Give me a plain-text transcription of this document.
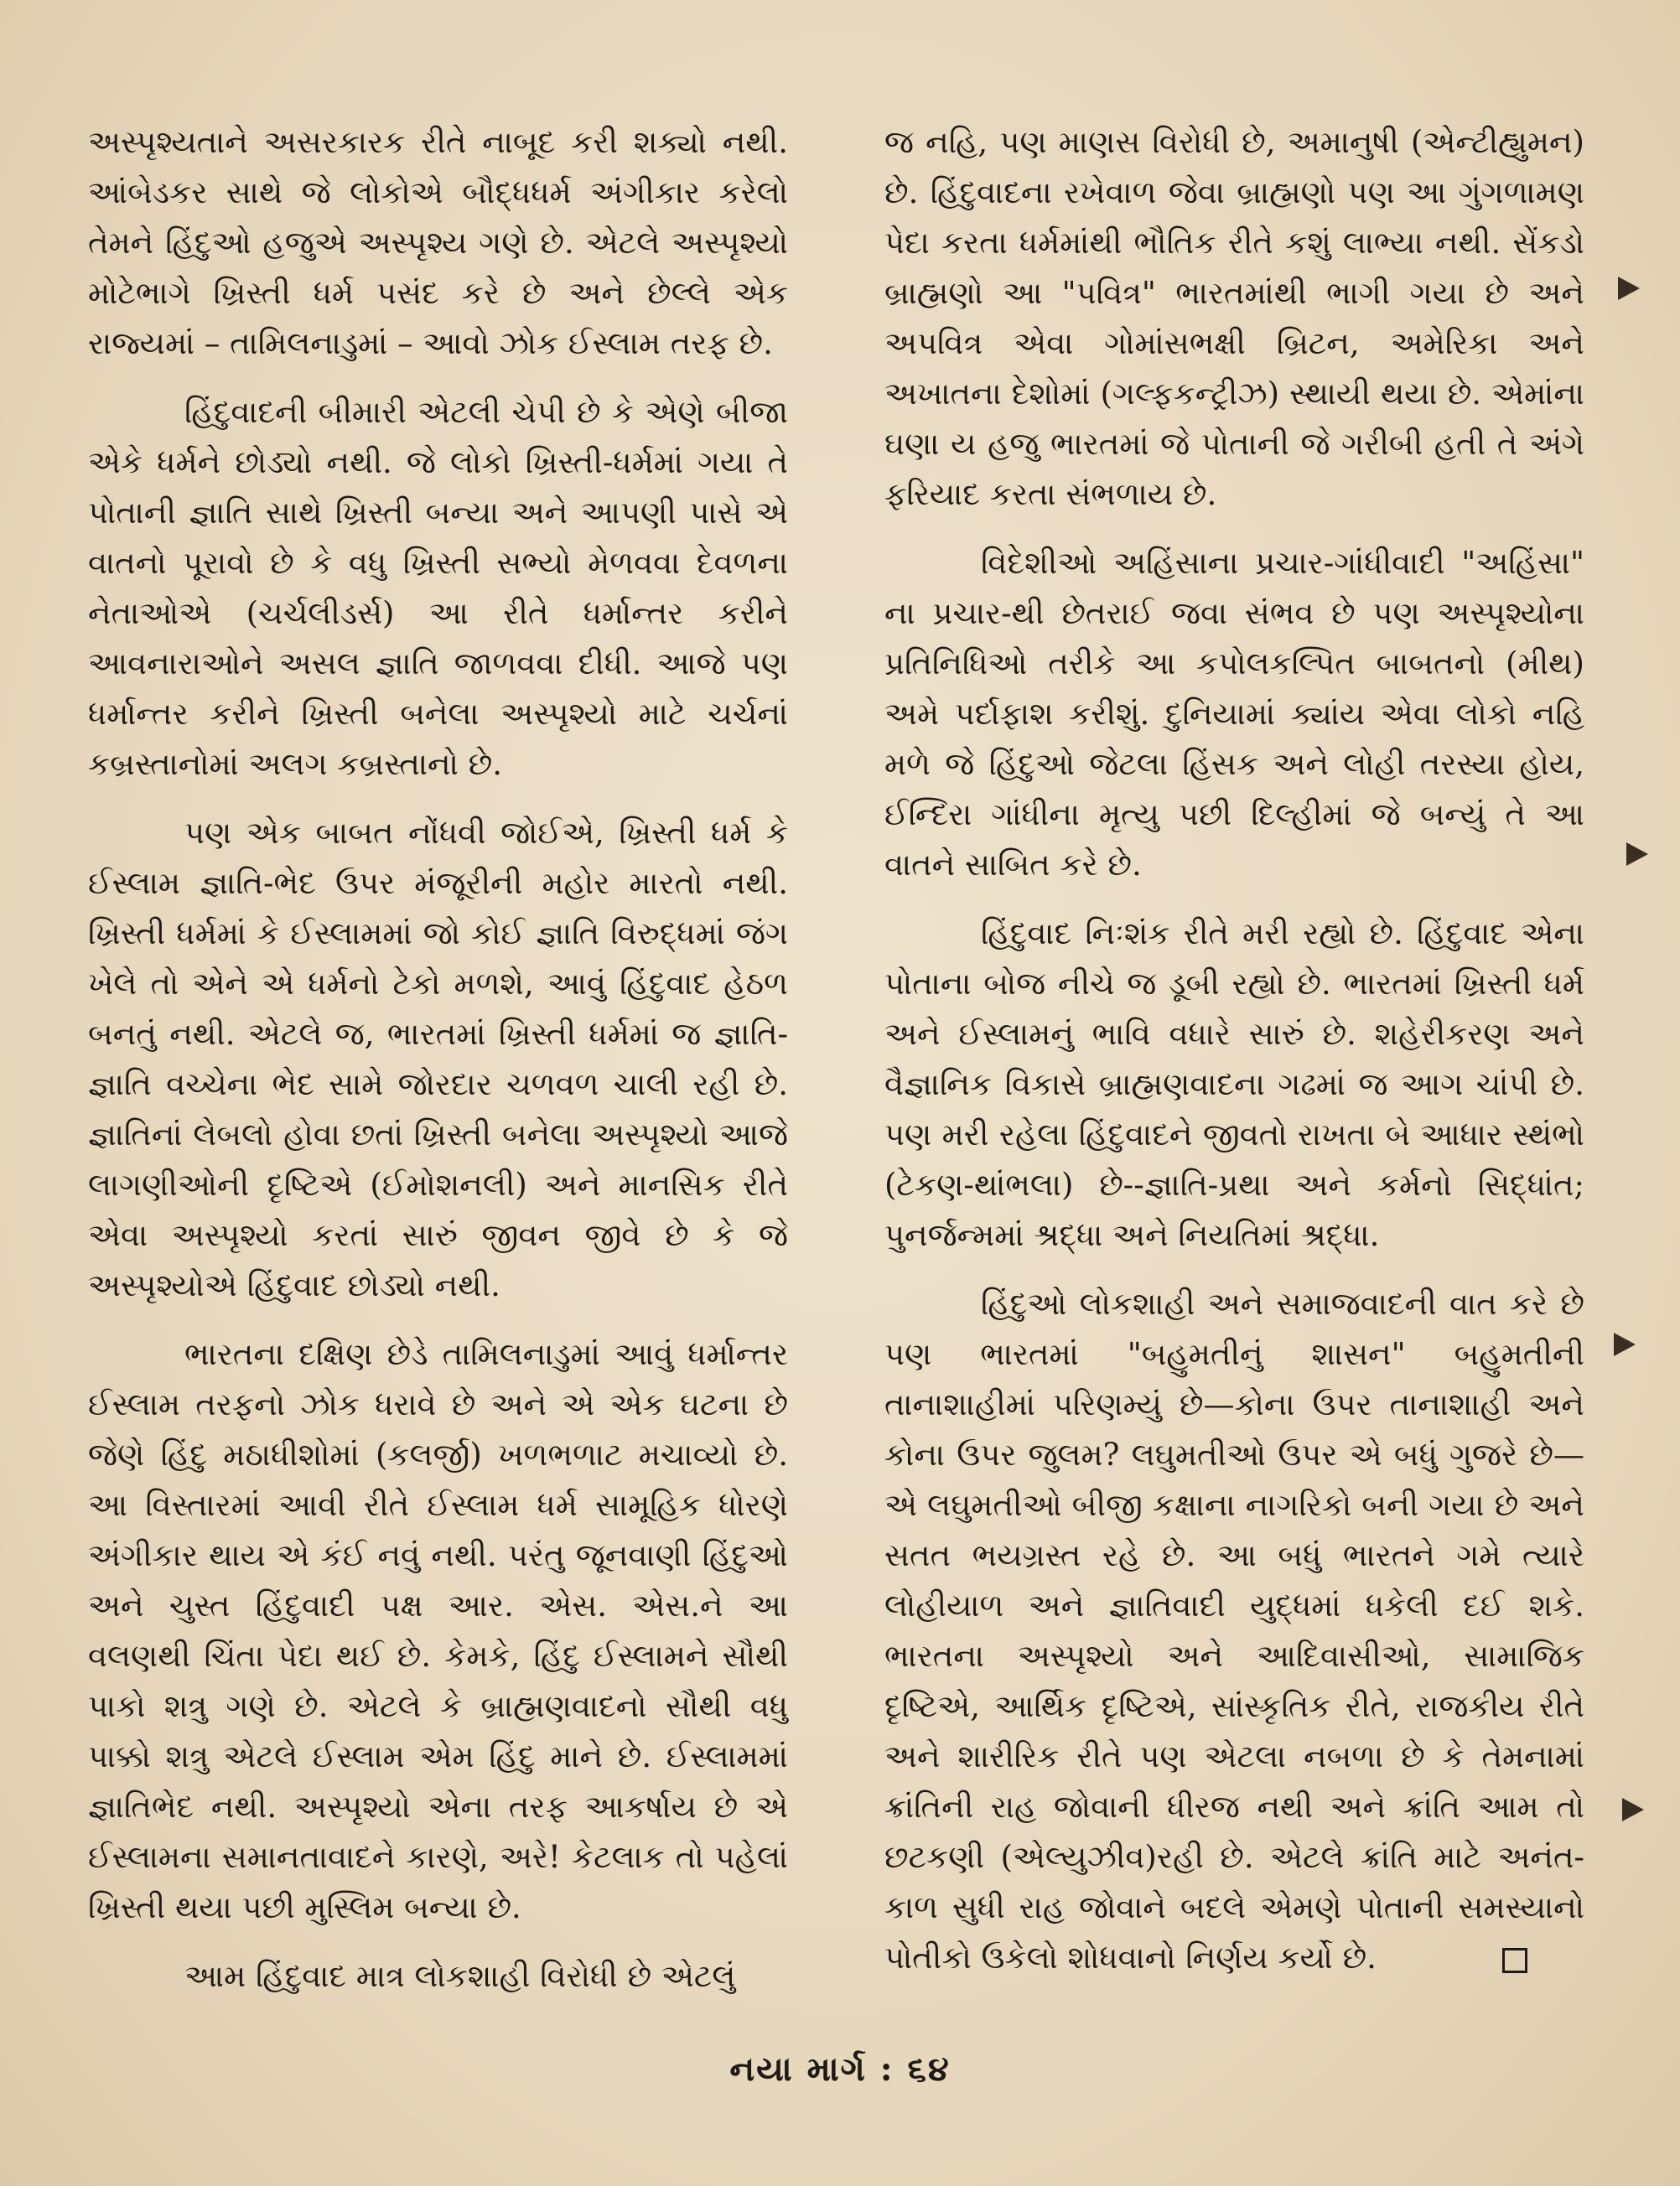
અસ્પૃશ્યતાને અસરકારક રીતે નાબૂદ કરી શક્યો નથી. આંબેડકર સાથે જે લોકોએ બૌદ્ધધર્મ અંગીકાર કરેલો તેમને હિંદુઓ હજુએ અસ્પૃશ્ય ગણે છે. એટલે અસ્પૃશ્યો મોટેભાગે ખ્રિસ્તી ધર્મ પસંદ કરે છે અને છેલ્લે એક રાજ્યમાં – તામિલનાડુમાં – આવો ઝોક ઈસ્લામ તરફ છે.

હિંદુવાદની બીમારી એટલી ચેપી છે કે એણે બીજા એકે ધર્મને છોડ્યો નથી. જે લોકો ખ્રિસ્તી-ધર્મમાં ગયા તે પોતાની જ્ઞાતિ સાથે ખ્રિસ્તી બન્યા અને આપણી પાસે એ વાતનો પૂરાવો છે કે વધુ ખ્રિસ્તી સભ્યો મેળવવા દેવળના નેતાઓએ (ચર્ચલીડર્સ) આ રીતે ધર્માન્તર કરીને આવનારાઓને અસલ જ્ઞાતિ જાળવવા દીધી. આજે પણ ધર્માન્તર કરીને ખ્રિસ્તી બનેલા અસ્પૃશ્યો માટે ચર્ચનાં કબ્રસ્તાનોમાં અલગ કબ્રસ્તાનો છે.

પણ એક બાબત નોંધવી જોઈએ, ખ્રિસ્તી ધર્મ કે ઈસ્લામ જ્ઞાતિ-ભેદ ઉપર મંજૂરીની મહોર મારતો નથી. ખ્રિસ્તી ધર્મમાં કે ઈસ્લામમાં જો કોઈ જ્ઞાતિ વિરુદ્ધમાં જંગ ખેલે તો એને એ ધર્મનો ટેકો મળશે, આવું હિંદુવાદ હેઠળ બનતું નથી. એટલે જ, ભારતમાં ખ્રિસ્તી ધર્મમાં જ જ્ઞાતિ-જ્ઞાતિ વચ્ચેના ભેદ સામે જોરદાર ચળવળ ચાલી રહી છે. જ્ઞાતિનાં લેબલો હોવા છતાં ખ્રિસ્તી બનેલા અસ્પૃશ્યો આજે લાગણીઓની દૃષ્ટિએ (ઈમોશનલી) અને માનસિક રીતે એવા અસ્પૃશ્યો કરતાં સારું જીવન જીવે છે કે જે અસ્પૃશ્યોએ હિંદુવાદ છોડ્યો નથી.

ભારતના દક્ષિણ છેડે તામિલનાડુમાં આવું ધર્માન્તર ઈસ્લામ તરફનો ઝોક ધરાવે છે અને એ એક ઘટના છે જેણે હિંદુ મઠાધીશોમાં (કલર્જી) ખળભળાટ મચાવ્યો છે. આ વિસ્તારમાં આવી રીતે ઈસ્લામ ધર્મ સામૂહિક ધોરણે અંગીકાર થાય એ કંઈ નવું નથી. પરંતુ જૂનવાણી હિંદુઓ અને ચુસ્ત હિંદુવાદી પક્ષ આર. એસ. એસ.ને આ વલણથી ચિંતા પેદા થઈ છે. કેમકે, હિંદુ ઈસ્લામને સૌથી પાકો શત્રુ ગણે છે. એટલે કે બ્રાહ્મણવાદનો સૌથી વધુ પાક્કો શત્રુ એટલે ઈસ્લામ એમ હિંદુ માને છે. ઈસ્લામમાં જ્ઞાતિભેદ નથી. અસ્પૃશ્યો એના તરફ આકર્ષાય છે એ ઈસ્લામના સમાનતાવાદને કારણે, અરે! કેટલાક તો પહેલાં ખ્રિસ્તી થયા પછી મુસ્લિમ બન્યા છે.

આમ હિંદુવાદ માત્ર લોકશાહી વિરોધી છે એટલું

જ નહિ, પણ માણસ વિરોધી છે, અમાનુષી (એન્ટીહ્યુમન) છે. હિંદુવાદના રખેવાળ જેવા બ્રાહ્મણો પણ આ ગુંગળામણ પેદા કરતા ધર્મમાંથી ભૌતિક રીતે કશું લાભ્યા નથી. સેંકડો બ્રાહ્મણો આ "પવિત્ર" ભારતમાંથી ભાગી ગયા છે અને અપવિત્ર એવા ગોમાંસભક્ષી બ્રિટન, અમેરિકા અને અખાતના દેશોમાં (ગલ્ફકન્ટ્રીઝ) સ્થાયી થયા છે. એમાંના ઘણા ય હજુ ભારતમાં જે પોતાની જે ગરીબી હતી તે અંગે ફરિયાદ કરતા સંભળાય છે.

વિદેશીઓ અહિંસાના પ્રચાર-ગાંધીવાદી "અહિંસા" ના પ્રચાર-થી છેતરાઈ જવા સંભવ છે પણ અસ્પૃશ્યોના પ્રતિનિધિઓ તરીકે આ કપોલકલ્પિત બાબતનો (મીથ) અમે પર્દાફાશ કરીશું. દુનિયામાં ક્યાંય એવા લોકો નહિ મળે જે હિંદુઓ જેટલા હિંસક અને લોહી તરસ્યા હોય, ઈન્દિરા ગાંધીના મૃત્યુ પછી દિલ્હીમાં જે બન્યું તે આ વાતને સાબિત કરે છે.

હિંદુવાદ નિઃશંક રીતે મરી રહ્યો છે. હિંદુવાદ એના પોતાના બોજ નીચે જ ડૂબી રહ્યો છે. ભારતમાં ખ્રિસ્તી ધર્મ અને ઈસ્લામનું ભાવિ વધારે સારું છે. શહેરીકરણ અને વૈજ્ઞાનિક વિકાસે બ્રાહ્મણવાદના ગઢમાં જ આગ ચાંપી છે. પણ મરી રહેલા હિંદુવાદને જીવતો રાખતા બે આધાર સ્થંભો (ટેકણ-થાંભલા) છે--જ્ઞાતિ-પ્રથા અને કર્મનો સિદ્ધાંત; પુનર્જન્મમાં શ્રદ્ધા અને નિયતિમાં શ્રદ્ધા.

હિંદુઓ લોકશાહી અને સમાજવાદની વાત કરે છે પણ ભારતમાં "બહુમતીનું શાસન" બહુમતીની તાનાશાહીમાં પરિણમ્યું છે—કોના ઉપર તાનાશાહી અને કોના ઉપર જુલમ? લઘુમતીઓ ઉપર એ બધું ગુજરે છે—એ લઘુમતીઓ બીજી કક્ષાના નાગરિકો બની ગયા છે અને સતત ભયગ્રસ્ત રહે છે. આ બધું ભારતને ગમે ત્યારે લોહીયાળ અને જ્ઞાતિવાદી યુદ્ધમાં ધકેલી દઈ શકે. ભારતના અસ્પૃશ્યો અને આદિવાસીઓ, સામાજિક દૃષ્ટિએ, આર્થિક દૃષ્ટિએ, સાંસ્કૃતિક રીતે, રાજકીય રીતે અને શારીરિક રીતે પણ એટલા નબળા છે કે તેમનામાં ક્રાંતિની રાહ જોવાની ધીરજ નથી અને ક્રાંતિ આમ તો છટકણી (એલ્યુઝીવ)રહી છે. એટલે ક્રાંતિ માટે અનંત-કાળ સુધી રાહ જોવાને બદલે એમણે પોતાની સમસ્યાનો પોતીકો ઉકેલો શોધવાનો નિર્ણય કર્યો છે.

નયા માર્ગ : ૬૪
